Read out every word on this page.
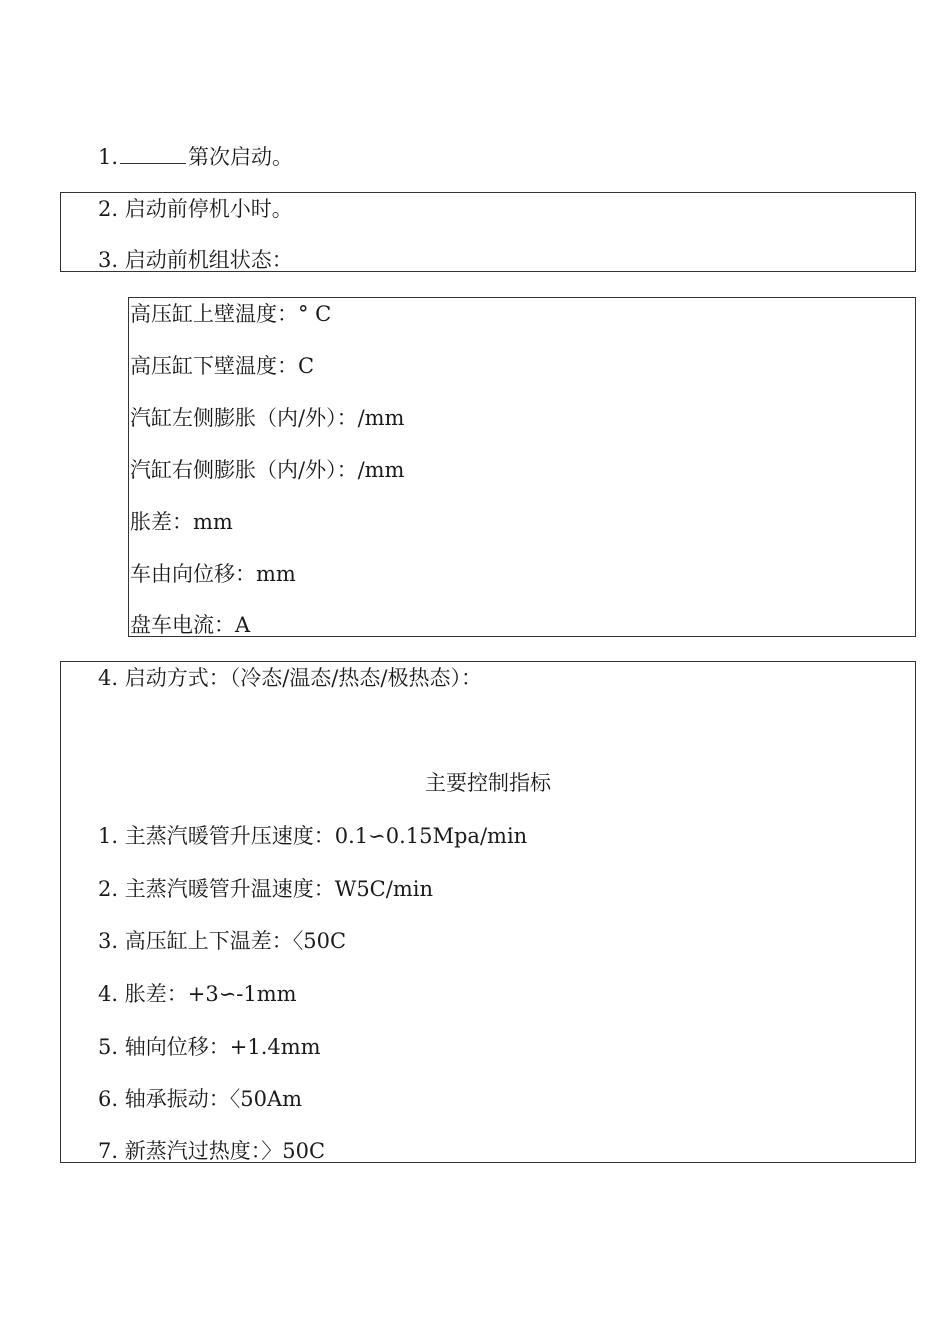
1.	第次启动。
2. 启动前停机小时。
3. 启动前机组状态：
高压缸上壁温度：° C
高压缸下壁温度：C
汽缸左侧膨胀（内/外）：/mm
汽缸右侧膨胀（内/外）：/mm
胀差：mm
车由向位移：mm
盘车电流：A
4. 启动方式：（冷态/温态/热态/极热态）：
主要控制指标
1. 主蒸汽暖管升压速度：0.1∽0.15Mpa/min
2. 主蒸汽暖管升温速度：W5C/min
3. 高压缸上下温差：〈50C
4. 胀差：+3∽-1mm
5. 轴向位移：+1.4mm
6. 轴承振动：〈50Am
7. 新蒸汽过热度：〉50C
